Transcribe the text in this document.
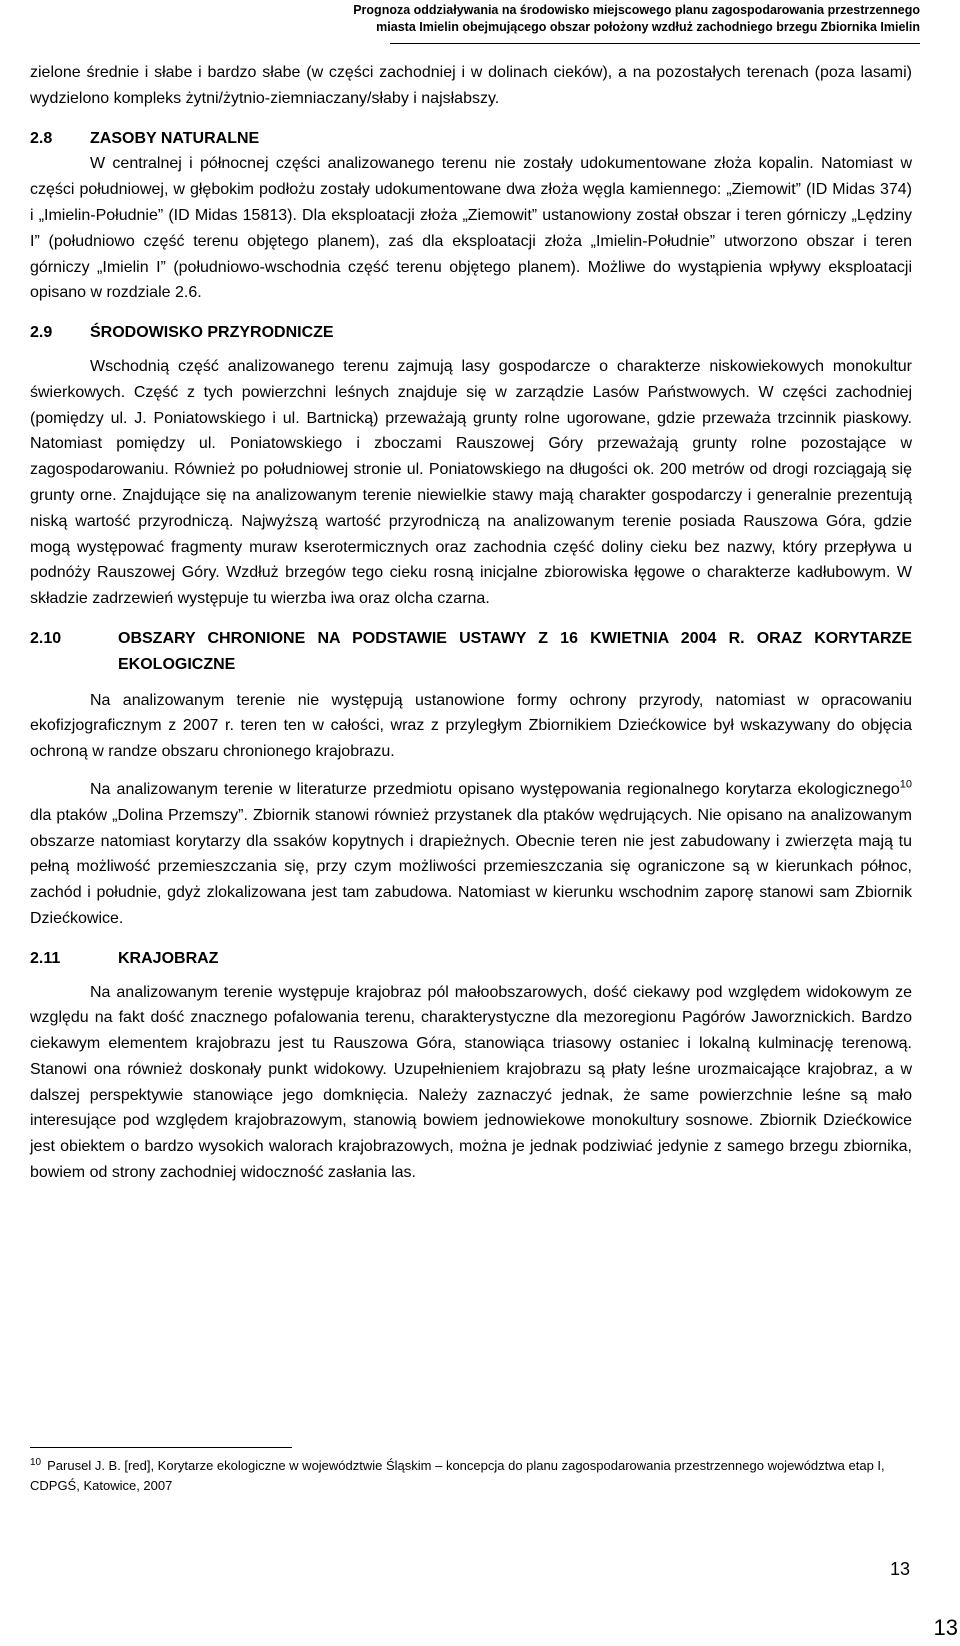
Prognoza oddziaływania na środowisko miejscowego planu zagospodarowania przestrzennego
miasta Imielin obejmującego obszar położony wzdłuż zachodniego brzegu Zbiornika Imielin

zielone średnie i słabe i bardzo słabe (w części zachodniej i w dolinach cieków), a na pozostałych terenach (poza lasami) wydzielono kompleks żytni/żytnio-ziemniaczany/słaby i najsłabszy.

2.8	ZASOBY NATURALNE

W centralnej i północnej części analizowanego terenu nie zostały udokumentowane złoża kopalin. Natomiast w części południowej, w głębokim podłożu zostały udokumentowane dwa złoża węgla kamiennego: „Ziemowit” (ID Midas 374) i „Imielin-Południe” (ID Midas 15813). Dla eksploatacji złoża „Ziemowit” ustanowiony został obszar i teren górniczy „Lędziny I” (południowo część terenu objętego planem), zaś dla eksploatacji złoża „Imielin-Południe” utworzono obszar i teren górniczy „Imielin I” (południowo-wschodnia część terenu objętego planem). Możliwe do wystąpienia wpływy eksploatacji opisano w rozdziale 2.6.

2.9	ŚRODOWISKO PRZYRODNICZE

Wschodnią część analizowanego terenu zajmują lasy gospodarcze o charakterze niskowiekowych monokultur świerkowych. Część z tych powierzchni leśnych znajduje się w zarządzie Lasów Państwowych. W części zachodniej (pomiędzy ul. J. Poniatowskiego i ul. Bartnicką) przeważają grunty rolne ugorowane, gdzie przeważa trzcinnik piaskowy. Natomiast pomiędzy ul. Poniatowskiego i zboczami Rauszowej Góry przeważają grunty rolne pozostające w zagospodarowaniu. Również po południowej stronie ul. Poniatowskiego na długości ok. 200 metrów od drogi rozciągają się grunty orne. Znajdujące się na analizowanym terenie niewielkie stawy mają charakter gospodarczy i generalnie prezentują niską wartość przyrodniczą. Najwyższą wartość przyrodniczą na analizowanym terenie posiada Rauszowa Góra, gdzie mogą występować fragmenty muraw kserotermicznych oraz zachodnia część doliny cieku bez nazwy, który przepływa u podnóży Rauszowej Góry. Wzdłuż brzegów tego cieku rosną inicjalne zbiorowiska łęgowe o charakterze kadłubowym. W składzie zadrzewień występuje tu wierzba iwa oraz olcha czarna.

2.10	OBSZARY CHRONIONE NA PODSTAWIE USTAWY Z 16 KWIETNIA 2004 R. ORAZ KORYTARZE EKOLOGICZNE

Na analizowanym terenie nie występują ustanowione formy ochrony przyrody, natomiast w opracowaniu ekofizjograficznym z 2007 r. teren ten w całości, wraz z przyległym Zbiornikiem Dziećkowice był wskazywany do objęcia ochroną w randze obszaru chronionego krajobrazu.

Na analizowanym terenie w literaturze przedmiotu opisano występowania regionalnego korytarza ekologicznego$^{10}$ dla ptaków „Dolina Przemszy”. Zbiornik stanowi również przystanek dla ptaków wędrujących. Nie opisano na analizowanym obszarze natomiast korytarzy dla ssaków kopytnych i drapieżnych. Obecnie teren nie jest zabudowany i zwierzęta mają tu pełną możliwość przemieszczania się, przy czym możliwości przemieszczania się ograniczone są w kierunkach północ, zachód i południe, gdyż zlokalizowana jest tam zabudowa. Natomiast w kierunku wschodnim zaporę stanowi sam Zbiornik Dziećkowice.

2.11	KRAJOBRAZ

Na analizowanym terenie występuje krajobraz pól małoobszarowych, dość ciekawy pod względem widokowym ze względu na fakt dość znacznego pofalowania terenu, charakterystyczne dla mezoregionu Pagórów Jaworznickich. Bardzo ciekawym elementem krajobrazu jest tu Rauszowa Góra, stanowiąca triasowy ostaniec i lokalną kulminację terenową. Stanowi ona również doskonały punkt widokowy. Uzupełnieniem krajobrazu są płaty leśne urozmaicające krajobraz, a w dalszej perspektywie stanowiące jego domknięcia. Należy zaznaczyć jednak, że same powierzchnie leśne są mało interesujące pod względem krajobrazowym, stanowią bowiem jednowiekowe monokultury sosnowe. Zbiornik Dziećkowice jest obiektem o bardzo wysokich walorach krajobrazowych, można je jednak podziwiać jedynie z samego brzegu zbiornika, bowiem od strony zachodniej widoczność zasłania las.

$^{10}$ Parusel J. B. [red], Korytarze ekologiczne w województwie Śląskim – koncepcja do planu zagospodarowania przestrzennego województwa etap I, CDPGŚ, Katowice, 2007
13
13
